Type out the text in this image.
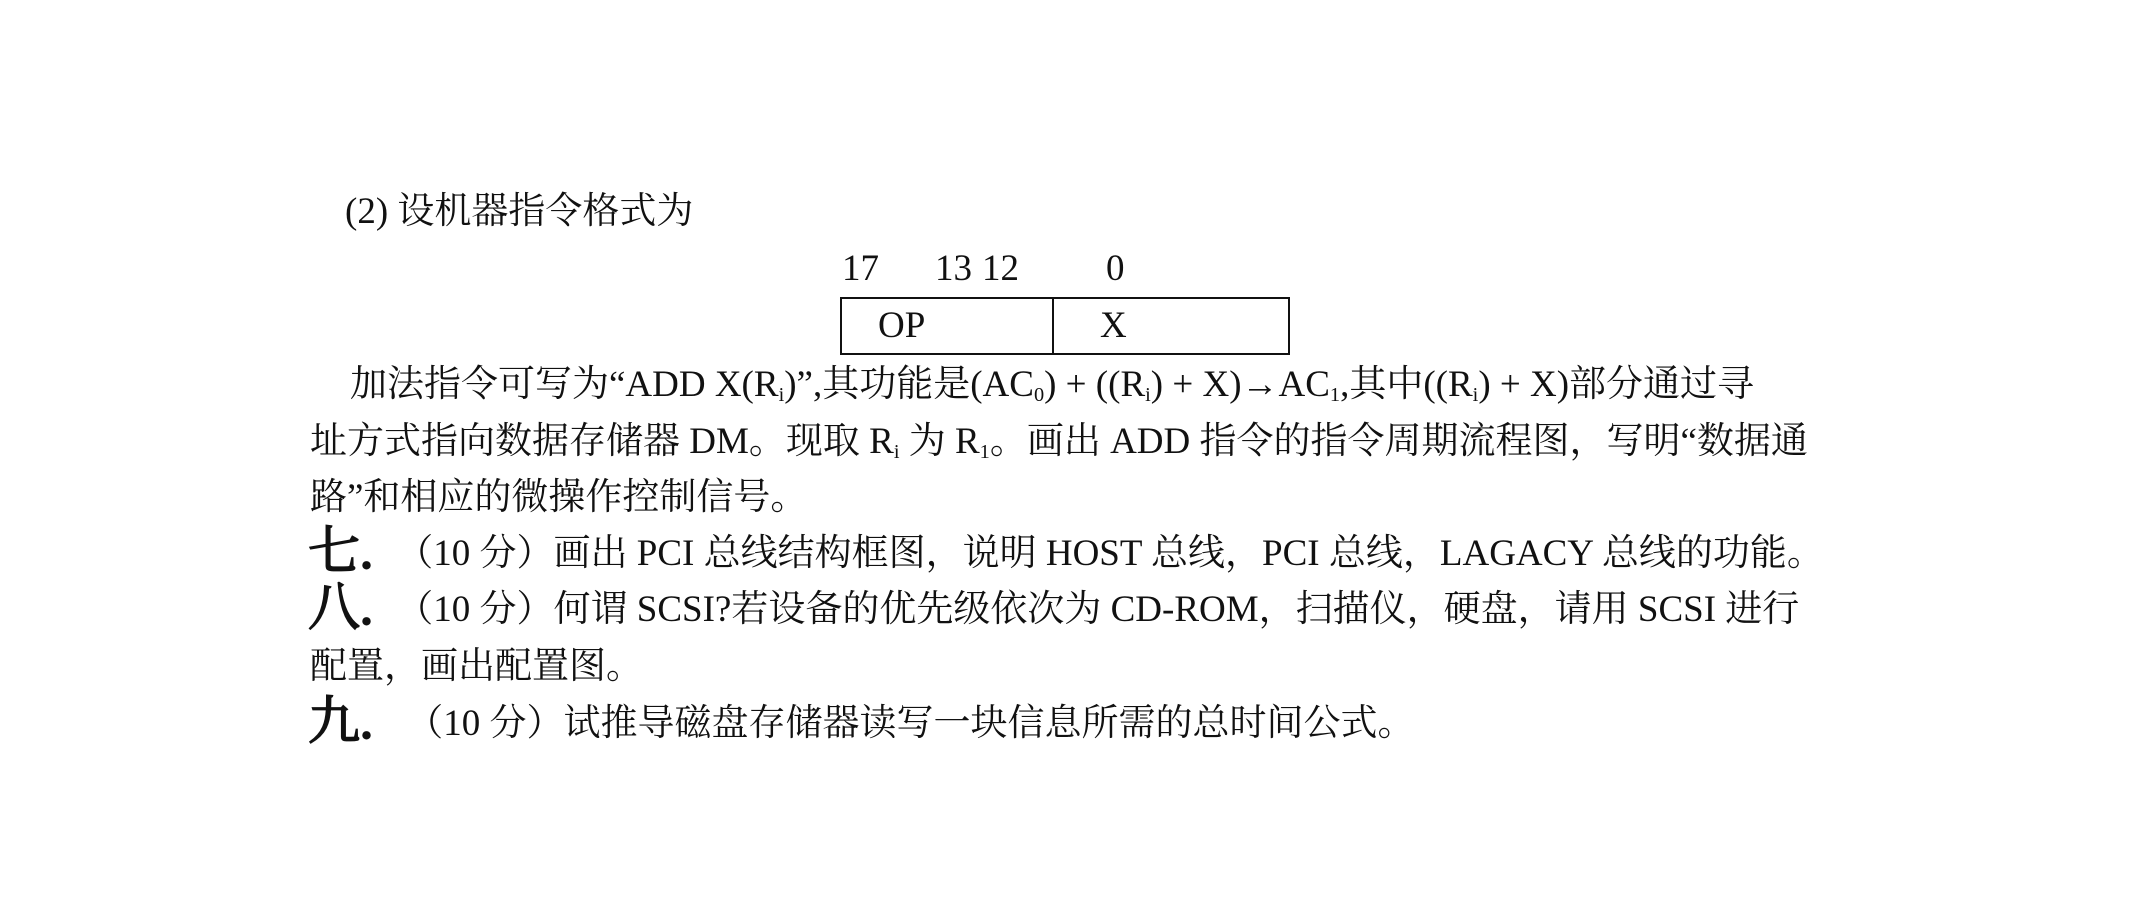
(2) 设机器指令格式为
17 13 12 0
OP	X
加法指令可写为“ADD $X(R_i)$”,其功能是$(AC_0) + ((R_i) + X)\to AC_1$,其中$((R_i) + X)$部分通过寻
址方式指向数据存储器 DM。现取 $R_i$ 为 $R_1$。画出 ADD 指令的指令周期流程图，写明“数据通
路”和相应的微操作控制信号。
七. （10 分）画出 PCI 总线结构框图，说明 HOST 总线，PCI 总线，LAGACY 总线的功能。
八. （10 分）何谓 SCSI?若设备的优先级依次为 CD-ROM，扫描仪，硬盘，请用 SCSI 进行
配置，画出配置图。
九. （10 分）试推导磁盘存储器读写一块信息所需的总时间公式。
